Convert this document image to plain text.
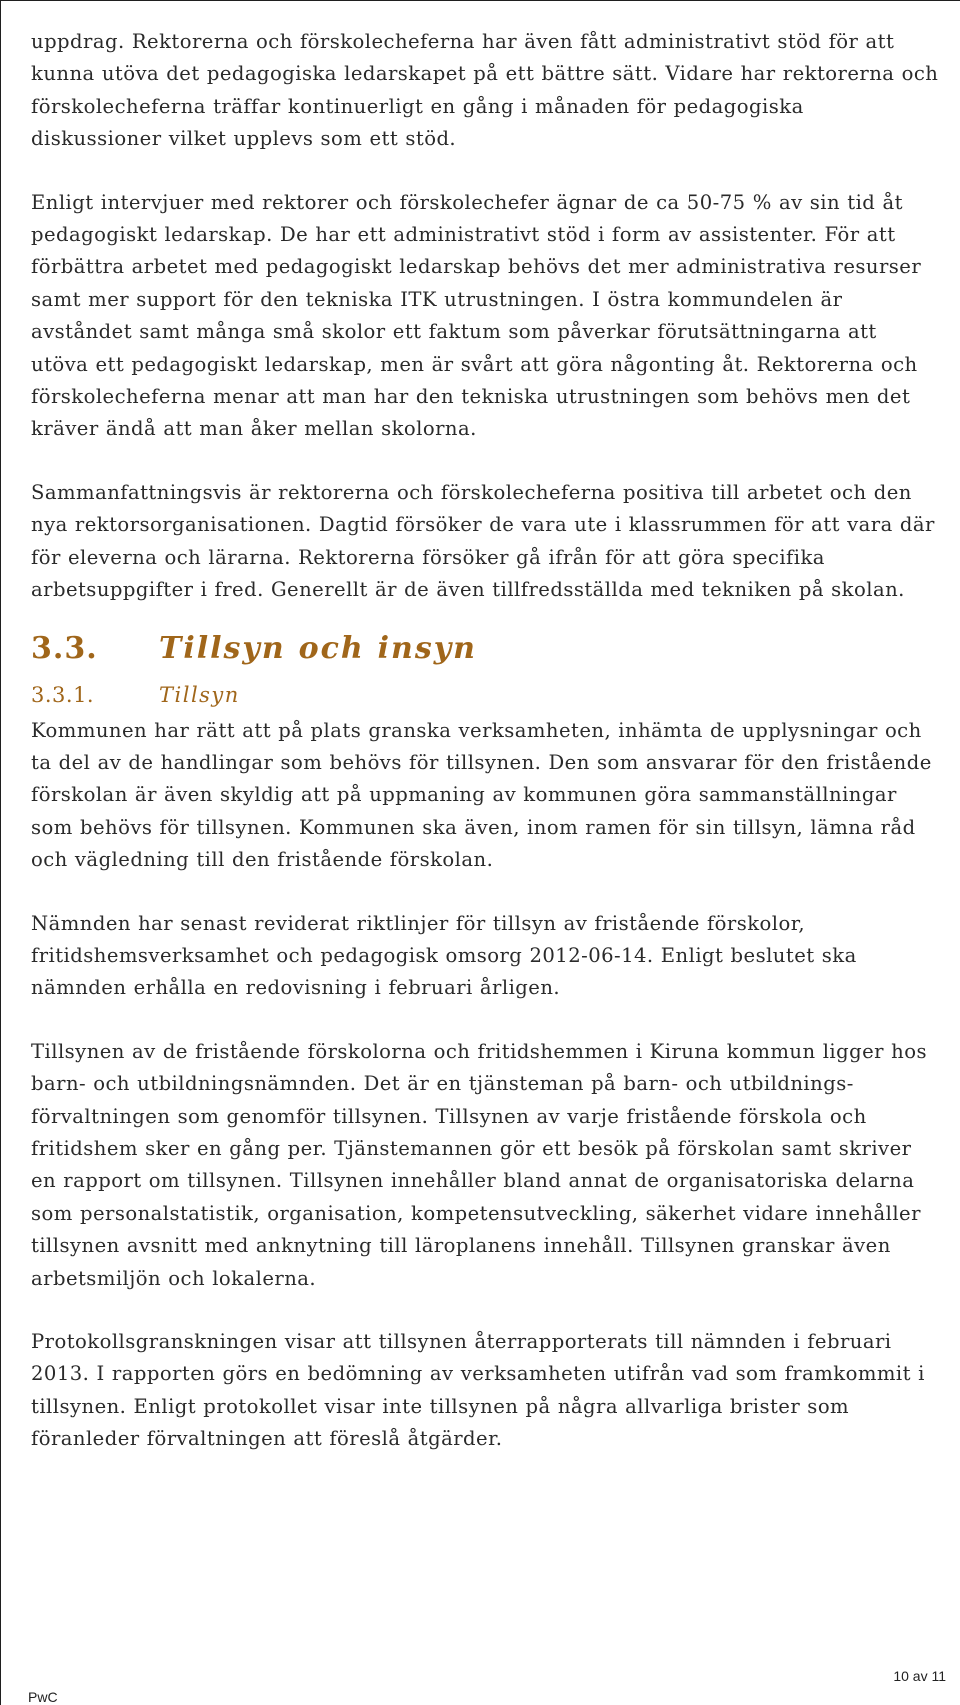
uppdrag. Rektorerna och förskolecheferna har även fått administrativt stöd för att kunna utöva det pedagogiska ledarskapet på ett bättre sätt. Vidare har rektorerna och förskolecheferna träffar kontinuerligt en gång i månaden för pedagogiska diskussioner vilket upplevs som ett stöd.

Enligt intervjuer med rektorer och förskolechefer ägnar de ca 50-75 % av sin tid åt pedagogiskt ledarskap. De har ett administrativt stöd i form av assistenter. För att förbättra arbetet med pedagogiskt ledarskap behövs det mer administrativa resurser samt mer support för den tekniska ITK utrustningen. I östra kommundelen är avståndet samt många små skolor ett faktum som påverkar förutsättningarna att utöva ett pedagogiskt ledarskap, men är svårt att göra någonting åt. Rektorerna och förskolecheferna menar att man har den tekniska utrustningen som behövs men det kräver ändå att man åker mellan skolorna.

Sammanfattningsvis är rektorerna och förskolecheferna positiva till arbetet och den nya rektorsorganisationen. Dagtid försöker de vara ute i klassrummen för att vara där för eleverna och lärarna. Rektorerna försöker gå ifrån för att göra specifika arbetsuppgifter i fred. Generellt är de även tillfredsställda med tekniken på skolan.

3.3.	Tillsyn och insyn

3.3.1.	Tillsyn

Kommunen har rätt att på plats granska verksamheten, inhämta de upplysningar och ta del av de handlingar som behövs för tillsynen. Den som ansvarar för den fristående förskolan är även skyldig att på uppmaning av kommunen göra sammanställningar som behövs för tillsynen. Kommunen ska även, inom ramen för sin tillsyn, lämna råd och vägledning till den fristående förskolan.

Nämnden har senast reviderat riktlinjer för tillsyn av fristående förskolor, fritidshemsverksamhet och pedagogisk omsorg 2012-06-14. Enligt beslutet ska nämnden erhålla en redovisning i februari årligen.

Tillsynen av de fristående förskolorna och fritidshemmen i Kiruna kommun ligger hos barn- och utbildningsnämnden. Det är en tjänsteman på barn- och utbildnings-förvaltningen som genomför tillsynen. Tillsynen av varje fristående förskola och fritidshem sker en gång per. Tjänstemannen gör ett besök på förskolan samt skriver en rapport om tillsynen. Tillsynen innehåller bland annat de organisatoriska delarna som personalstatistik, organisation, kompetensutveckling, säkerhet vidare innehåller tillsynen avsnitt med anknytning till läroplanens innehåll. Tillsynen granskar även arbetsmiljön och lokalerna.

Protokollsgranskningen visar att tillsynen återrapporterats till nämnden i februari 2013. I rapporten görs en bedömning av verksamheten utifrån vad som framkommit i tillsynen. Enligt protokollet visar inte tillsynen på några allvarliga brister som föranleder förvaltningen att föreslå åtgärder.

10 av 11
PwC
